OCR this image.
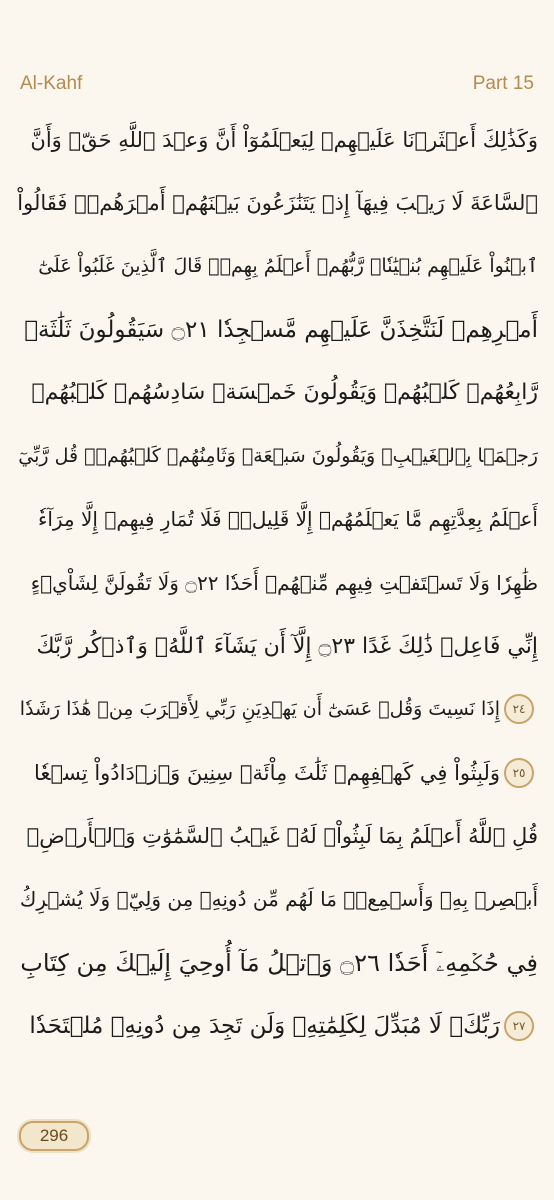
Al-Kahf	Part 15
وَكَذَٰلِكَ أَعۡثَرۡنَا عَلَيۡهِمۡ لِيَعۡلَمُوٓاْ أَنَّ وَعۡدَ ٱللَّهِ حَقّٞ وَأَنَّ
ٱلسَّاعَةَ لَا رَيۡبَ فِيهَآ إِذۡ يَتَنَٰزَعُونَ بَيۡنَهُمۡ أَمۡرَهُمۡۖ فَقَالُواْ
ٱبۡنُواْ عَلَيۡهِم بُنۡيَٰنٗاۖ رَّبُّهُمۡ أَعۡلَمُ بِهِمۡۚ قَالَ ٱلَّذِينَ غَلَبُواْ عَلَىٰٓ
أَمۡرِهِمۡ لَنَتَّخِذَنَّ عَلَيۡهِم مَّسۡجِدٗا ۝٢١ سَيَقُولُونَ ثَلَٰثَةٞ
رَّابِعُهُمۡ كَلۡبُهُمۡ وَيَقُولُونَ خَمۡسَةٞ سَادِسُهُمۡ كَلۡبُهُمۡ
رَجۡمَۢا بِٱلۡغَيۡبِۖ وَيَقُولُونَ سَبۡعَةٞ وَثَامِنُهُمۡ كَلۡبُهُمۡۚ قُل رَّبِّيٓ
أَعۡلَمُ بِعِدَّتِهِم مَّا يَعۡلَمُهُمۡ إِلَّا قَلِيلٞۗ فَلَا تُمَارِ فِيهِمۡ إِلَّا مِرَآءٗ
ظَٰهِرٗا وَلَا تَسۡتَفۡتِ فِيهِم مِّنۡهُمۡ أَحَدٗا ۝٢٢ وَلَا تَقُولَنَّ لِشَاْيۡءٍ
إِنِّي فَاعِلٞ ذَٰلِكَ غَدًا ۝٢٣ إِلَّآ أَن يَشَآءَ ٱللَّهُۚ وَٱذۡكُر رَّبَّكَ
٢٤
إِذَا نَسِيتَ وَقُلۡ عَسَىٰٓ أَن يَهۡدِيَنِ رَبِّي لِأَقۡرَبَ مِنۡ هَٰذَا رَشَدٗا
٢٥
وَلَبِثُواْ فِي كَهۡفِهِمۡ ثَلَٰثَ مِاْئَةٖ سِنِينَ وَٱزۡدَادُواْ تِسۡعٗا
قُلِ ٱللَّهُ أَعۡلَمُ بِمَا لَبِثُواْۖ لَهُۥ غَيۡبُ ٱلسَّمَٰوَٰتِ وَٱلۡأَرۡضِۖ
أَبۡصِرۡ بِهِۦ وَأَسۡمِعۡۚ مَا لَهُم مِّن دُونِهِۦ مِن وَلِيّٖ وَلَا يُشۡرِكُ
فِي حُكۡمِهِۦٓ أَحَدٗا ۝٢٦ وَٱتۡلُ مَآ أُوحِيَ إِلَيۡكَ مِن كِتَابِ
٢٧
رَبِّكَۖ لَا مُبَدِّلَ لِكَلِمَٰتِهِۦ وَلَن تَجِدَ مِن دُونِهِۦ مُلۡتَحَدٗا
296
